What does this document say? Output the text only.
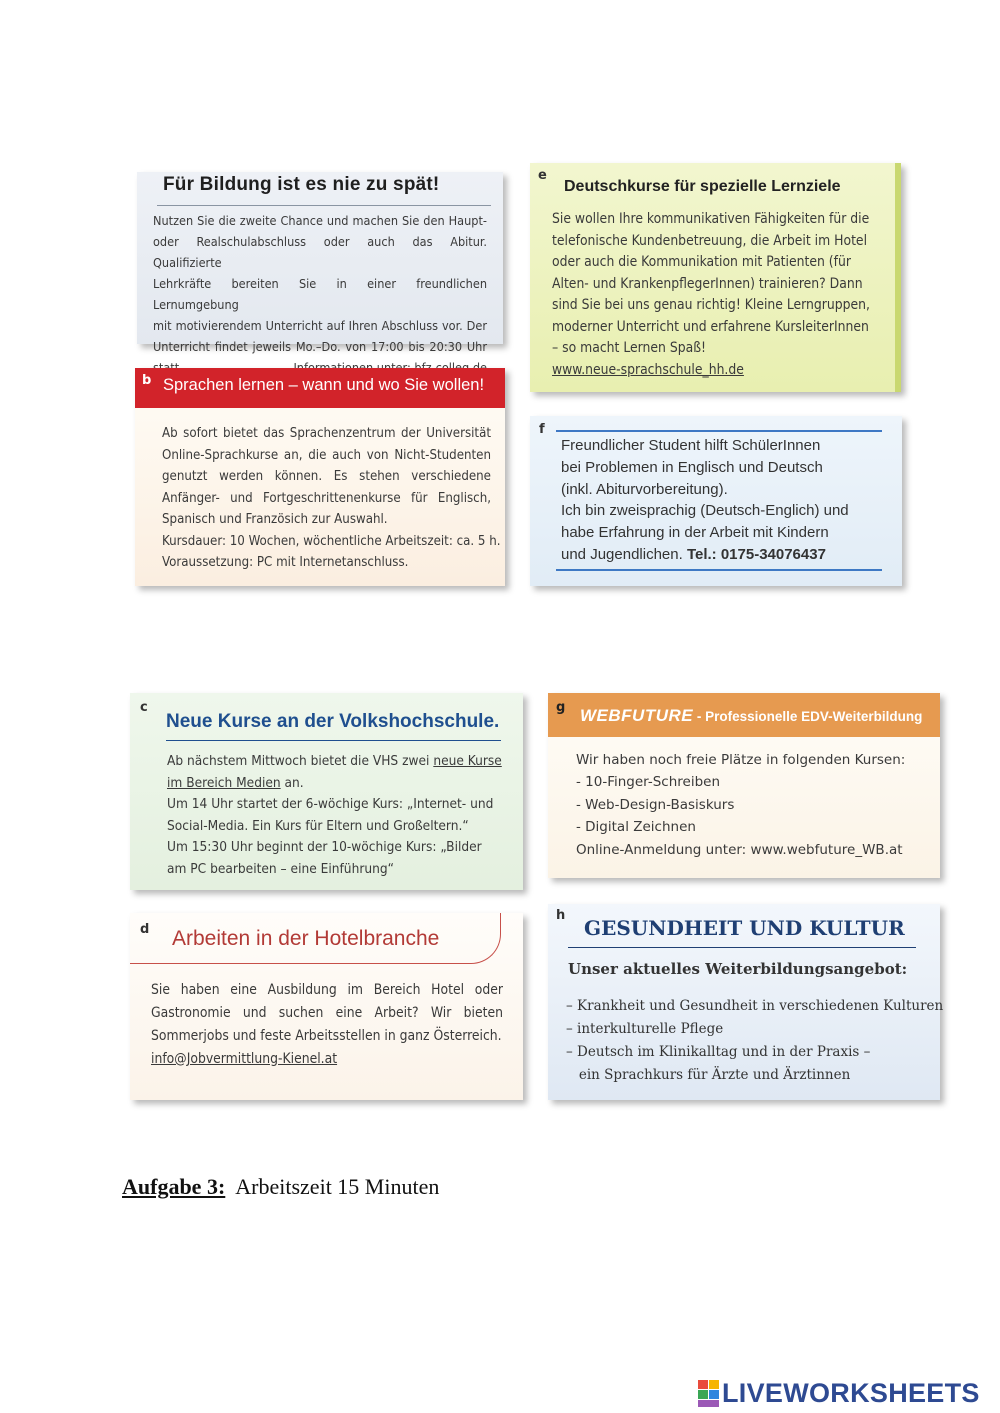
Für Bildung ist es nie zu spät!
Nutzen Sie die zweite Chance und machen Sie den Haupt-
oder Realschulabschluss oder auch das Abitur. Qualifizierte
Lehrkräfte bereiten Sie in einer freundlichen Lernumgebung
mit motivierendem Unterricht auf Ihren Abschluss vor. Der
Unterricht findet jeweils Mo.–Do. von 17:00 bis 20:30 Uhr
b Sprachen lernen – wann und wo Sie wollen!
Ab sofort bietet das Sprachenzentrum der Universität
Online-Sprachkurse an, die auch von Nicht-Studenten
genutzt werden können. Es stehen verschiedene
Anfänger- und Fortgeschrittenenkurse für Englisch,
Spanisch und Französich zur Auswahl.
Kursdauer: 10 Wochen, wöchentliche Arbeitszeit: ca. 5 h.
Voraussetzung: PC mit Internetanschluss.
e
Deutschkurse für spezielle Lernziele
Sie wollen Ihre kommunikativen Fähigkeiten für die
telefonische Kundenbetreuung, die Arbeit im Hotel
oder auch die Kommunikation mit Patienten (für
Alten- und KrankenpflegerInnen) trainieren? Dann
sind Sie bei uns genau richtig! Kleine Lerngruppen,
moderner Unterricht und erfahrene KursleiterInnen
– so macht Lernen Spaß!
www.neue-sprachschule_hh.de
f
Freundlicher Student hilft SchülerInnen
bei Problemen in Englisch und Deutsch
(inkl. Abiturvorbereitung).
Ich bin zweisprachig (Deutsch-Englich) und
habe Erfahrung in der Arbeit mit Kindern
und Jugendlichen. Tel.: 0175-34076437
c
Neue Kurse an der Volkshochschule.
Ab nächstem Mittwoch bietet die VHS zwei neue Kurse
im Bereich Medien an.
Um 14 Uhr startet der 6-wöchige Kurs: „Internet- und
Social-Media. Ein Kurs für Eltern und Großeltern.“
Um 15:30 Uhr beginnt der 10-wöchige Kurs: „Bilder
am PC bearbeiten – eine Einführung“
g WEBFUTURE - Professionelle EDV-Weiterbildung
Wir haben noch freie Plätze in folgenden Kursen:
- 10-Finger-Schreiben
- Web-Design-Basiskurs
- Digital Zeichnen
Online-Anmeldung unter: www.webfuture_WB.at
d Arbeiten in der Hotelbranche
Sie haben eine Ausbildung im Bereich Hotel oder
Gastronomie und suchen eine Arbeit? Wir bieten
Sommerjobs und feste Arbeitsstellen in ganz Österreich.
info@Jobvermittlung-Kienel.at
h
GESUNDHEIT UND KULTUR
Unser aktuelles Weiterbildungsangebot:
– Krankheit und Gesundheit in verschiedenen Kulturen
– interkulturelle Pflege
– Deutsch im Klinikalltag und in der Praxis –
ein Sprachkurs für Ärzte und Ärztinnen
Aufgabe 3: Arbeitszeit 15 Minuten
LIVEWORKSHEETS
